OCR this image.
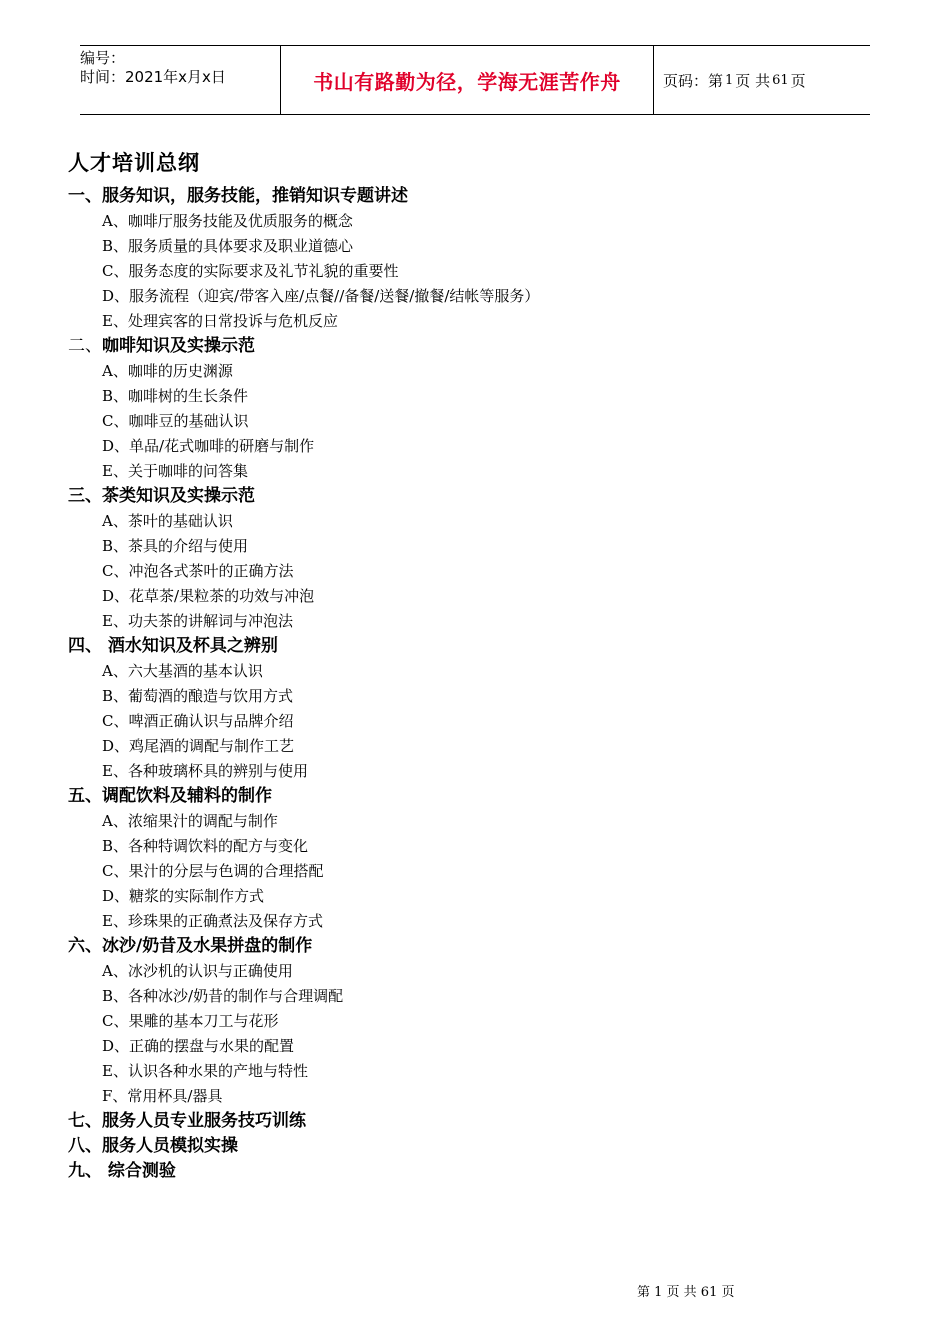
编号：
时间：2021年x月x日	书山有路勤为径，学海无涯苦作舟	页码：第 1 页 共 61 页
人才培训总纲
一、服务知识，服务技能，推销知识专题讲述
A、咖啡厅服务技能及优质服务的概念
B、服务质量的具体要求及职业道德心
C、服务态度的实际要求及礼节礼貌的重要性
D、服务流程（迎宾/带客入座/点餐//备餐/送餐/撤餐/结帐等服务）
E、处理宾客的日常投诉与危机反应
二、咖啡知识及实操示范
A、咖啡的历史渊源
B、咖啡树的生长条件
C、咖啡豆的基础认识
D、单品/花式咖啡的研磨与制作
E、关于咖啡的问答集
三、茶类知识及实操示范
A、茶叶的基础认识
B、茶具的介绍与使用
C、冲泡各式茶叶的正确方法
D、花草茶/果粒茶的功效与冲泡
E、功夫茶的讲解词与冲泡法
四、 酒水知识及杯具之辨别
A、六大基酒的基本认识
B、葡萄酒的酿造与饮用方式
C、啤酒正确认识与品牌介绍
D、鸡尾酒的调配与制作工艺
E、各种玻璃杯具的辨别与使用
五、调配饮料及辅料的制作
A、浓缩果汁的调配与制作
B、各种特调饮料的配方与变化
C、果汁的分层与色调的合理搭配
D、糖浆的实际制作方式
E、珍珠果的正确煮法及保存方式
六、冰沙/奶昔及水果拼盘的制作
A、冰沙机的认识与正确使用
B、各种冰沙/奶昔的制作与合理调配
C、果雕的基本刀工与花形
D、正确的摆盘与水果的配置
E、认识各种水果的产地与特性
F、常用杯具/器具
七、服务人员专业服务技巧训练
八、服务人员模拟实操
九、 综合测验
第 1 页 共 61 页
